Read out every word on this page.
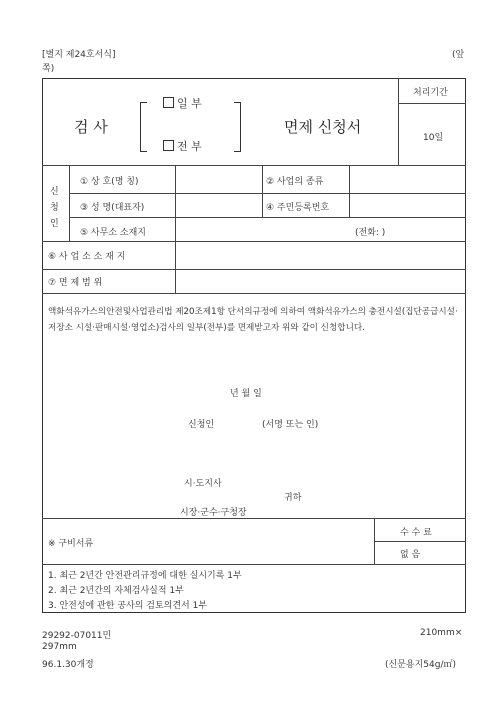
[별지 제24호서식]	(앞
쪽)
검 사
일 부
전 부
면제 신청서
처리기간
10일
신
청
인
① 상 호(명 칭)	② 사업의 종류
③ 성 명(대표자)	④ 주민등록번호
⑤ 사무소 소재지	(전화: )
⑥ 사 업 소 소 재 지
⑦ 면 제 범 위
액화석유가스의안전및사업관리법 제20조제1항 단서의규정에 의하여 액화석유가스의 충전시설(집단공급시설·저장소 시설·판매시설·영업소)검사의 일부(전부)를 면제받고자 위와 같이 신청합니다.
년 월 일
신청인	(서명 또는 인)
시·도지사
귀하
시장·군수·구청장
※ 구비서류
수 수 료
없 음
1. 최근 2년간 안전관리규정에 대한 실시기록 1부
2. 최근 2년간의 자체검사실적 1부
3. 안전성에 관한 공사의 검토의견서 1부
29292-07011민	210mm×
297mm
96.1.30개정	(신문용지54g/㎡)
